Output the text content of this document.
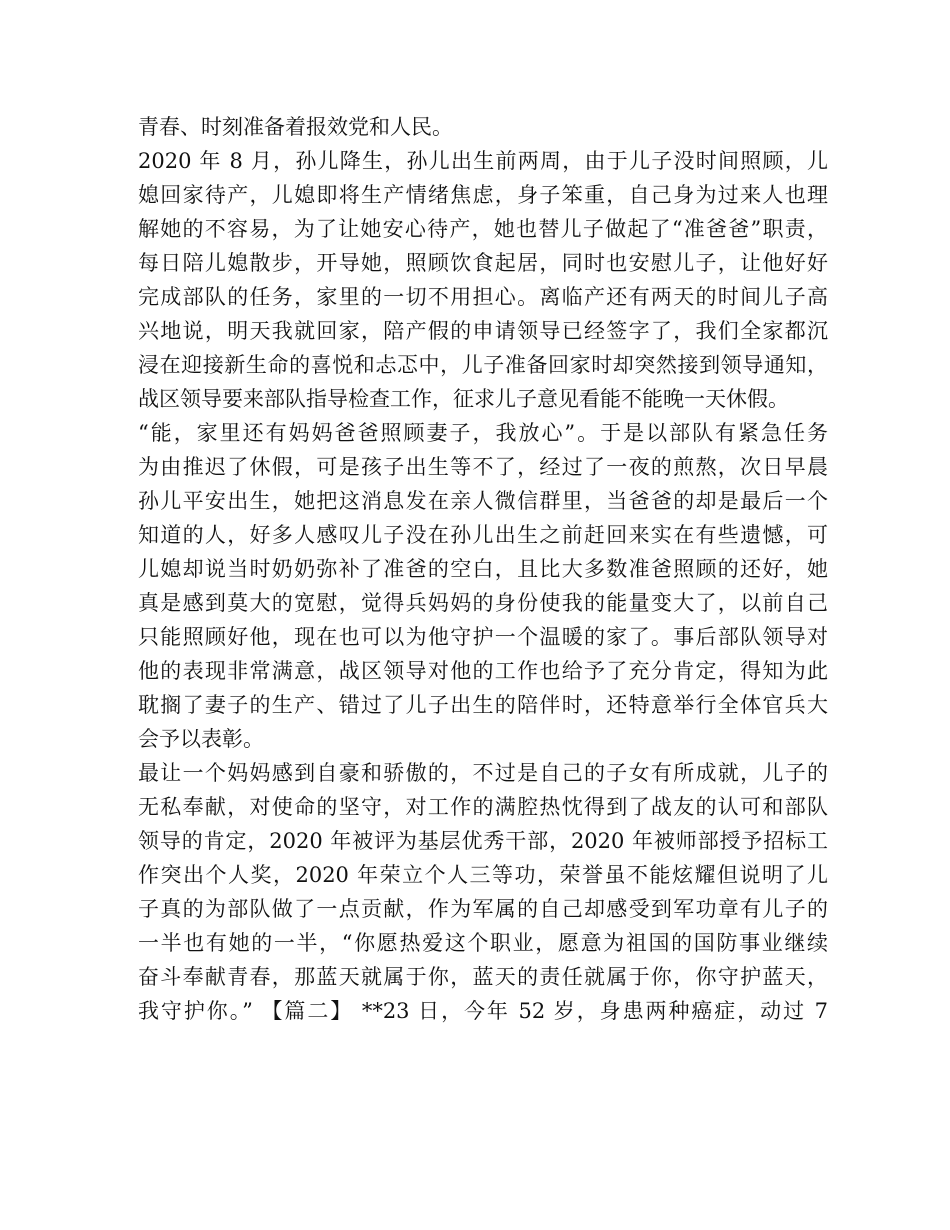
青春、时刻准备着报效党和人民。
2020 年 8 月，孙儿降生，孙儿出生前两周，由于儿子没时间照顾，儿
媳回家待产，儿媳即将生产情绪焦虑，身子笨重，自己身为过来人也理
解她的不容易，为了让她安心待产，她也替儿子做起了“准爸爸”职责，
每日陪儿媳散步，开导她，照顾饮食起居，同时也安慰儿子，让他好好
完成部队的任务，家里的一切不用担心。离临产还有两天的时间儿子高
兴地说，明天我就回家，陪产假的申请领导已经签字了，我们全家都沉
浸在迎接新生命的喜悦和忐忑中，儿子准备回家时却突然接到领导通知，
战区领导要来部队指导检查工作，征求儿子意见看能不能晚一天休假。
“能，家里还有妈妈爸爸照顾妻子，我放心”。于是以部队有紧急任务
为由推迟了休假，可是孩子出生等不了，经过了一夜的煎熬，次日早晨
孙儿平安出生，她把这消息发在亲人微信群里，当爸爸的却是最后一个
知道的人，好多人感叹儿子没在孙儿出生之前赶回来实在有些遗憾，可
儿媳却说当时奶奶弥补了准爸的空白，且比大多数准爸照顾的还好，她
真是感到莫大的宽慰，觉得兵妈妈的身份使我的能量变大了，以前自己
只能照顾好他，现在也可以为他守护一个温暖的家了。事后部队领导对
他的表现非常满意，战区领导对他的工作也给予了充分肯定，得知为此
耽搁了妻子的生产、错过了儿子出生的陪伴时，还特意举行全体官兵大
会予以表彰。
最让一个妈妈感到自豪和骄傲的，不过是自己的子女有所成就，儿子的
无私奉献，对使命的坚守，对工作的满腔热忱得到了战友的认可和部队
领导的肯定，2020 年被评为基层优秀干部，2020 年被师部授予招标工
作突出个人奖，2020 年荣立个人三等功，荣誉虽不能炫耀但说明了儿
子真的为部队做了一点贡献，作为军属的自己却感受到军功章有儿子的
一半也有她的一半，“你愿热爱这个职业，愿意为祖国的国防事业继续
奋斗奉献青春，那蓝天就属于你，蓝天的责任就属于你，你守护蓝天，
我守护你。” 【篇二】 **23 日，今年 52 岁，身患两种癌症，动过 7
